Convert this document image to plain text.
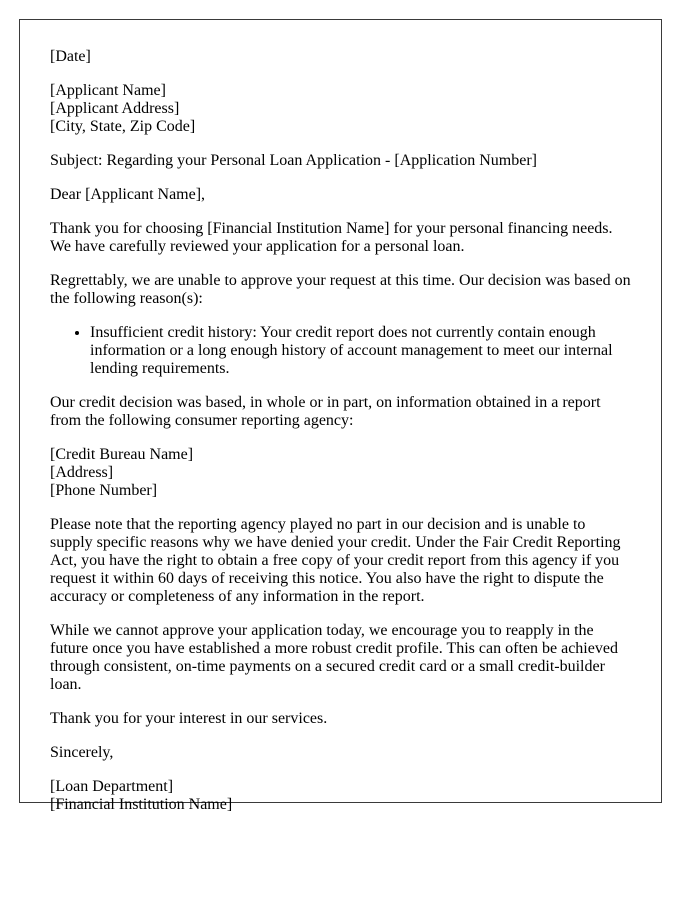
[Date]

[Applicant Name]
[Applicant Address]
[City, State, Zip Code]

Subject: Regarding your Personal Loan Application - [Application Number]

Dear [Applicant Name],

Thank you for choosing [Financial Institution Name] for your personal financing needs. We have carefully reviewed your application for a personal loan.

Regrettably, we are unable to approve your request at this time. Our decision was based on the following reason(s):

• Insufficient credit history: Your credit report does not currently contain enough information or a long enough history of account management to meet our internal lending requirements.

Our credit decision was based, in whole or in part, on information obtained in a report from the following consumer reporting agency:

[Credit Bureau Name]
[Address]
[Phone Number]

Please note that the reporting agency played no part in our decision and is unable to supply specific reasons why we have denied your credit. Under the Fair Credit Reporting Act, you have the right to obtain a free copy of your credit report from this agency if you request it within 60 days of receiving this notice. You also have the right to dispute the accuracy or completeness of any information in the report.

While we cannot approve your application today, we encourage you to reapply in the future once you have established a more robust credit profile. This can often be achieved through consistent, on-time payments on a secured credit card or a small credit-builder loan.

Thank you for your interest in our services.

Sincerely,

[Loan Department]
[Financial Institution Name]
